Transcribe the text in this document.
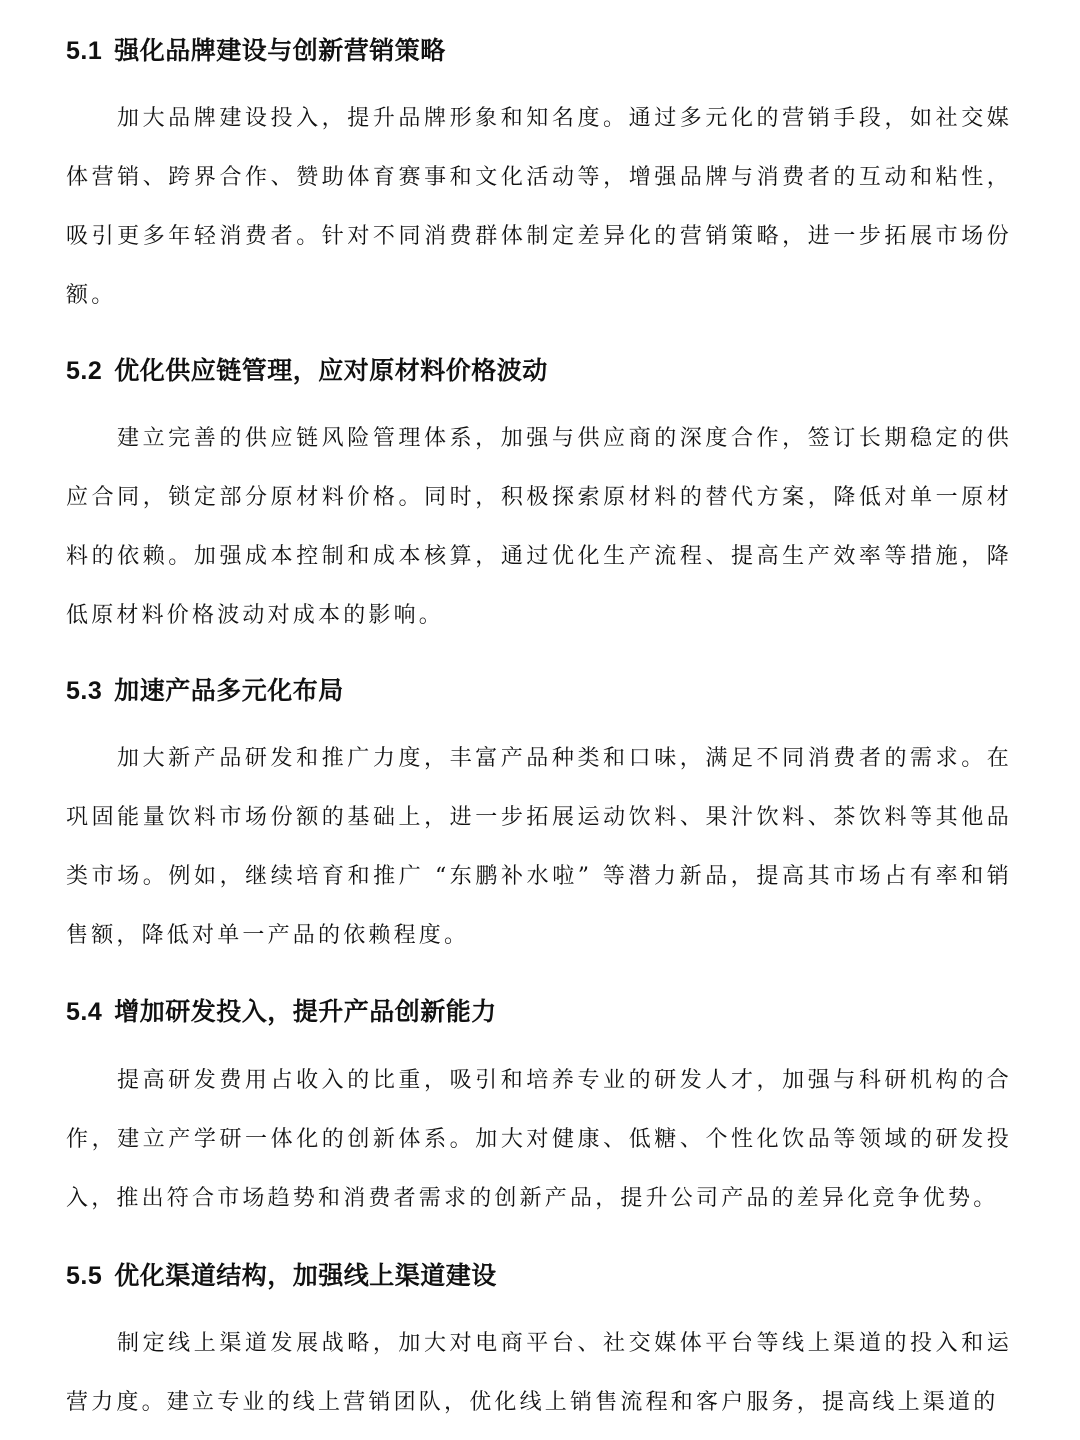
5.1 强化品牌建设与创新营销策略

加大品牌建设投入，提升品牌形象和知名度。通过多元化的营销手段，如社交媒体营销、跨界合作、赞助体育赛事和文化活动等，增强品牌与消费者的互动和粘性，吸引更多年轻消费者。针对不同消费群体制定差异化的营销策略，进一步拓展市场份额。

5.2 优化供应链管理，应对原材料价格波动

建立完善的供应链风险管理体系，加强与供应商的深度合作，签订长期稳定的供应合同，锁定部分原材料价格。同时，积极探索原材料的替代方案，降低对单一原材料的依赖。加强成本控制和成本核算，通过优化生产流程、提高生产效率等措施，降低原材料价格波动对成本的影响。

5.3 加速产品多元化布局

加大新产品研发和推广力度，丰富产品种类和口味，满足不同消费者的需求。在巩固能量饮料市场份额的基础上，进一步拓展运动饮料、果汁饮料、茶饮料等其他品类市场。例如，继续培育和推广 “东鹏补水啦” 等潜力新品，提高其市场占有率和销售额，降低对单一产品的依赖程度。

5.4 增加研发投入，提升产品创新能力

提高研发费用占收入的比重，吸引和培养专业的研发人才，加强与科研机构的合作，建立产学研一体化的创新体系。加大对健康、低糖、个性化饮品等领域的研发投入，推出符合市场趋势和消费者需求的创新产品，提升公司产品的差异化竞争优势。

5.5 优化渠道结构，加强线上渠道建设

制定线上渠道发展战略，加大对电商平台、社交媒体平台等线上渠道的投入和运营力度。建立专业的线上营销团队，优化线上销售流程和客户服务，提高线上渠道的
